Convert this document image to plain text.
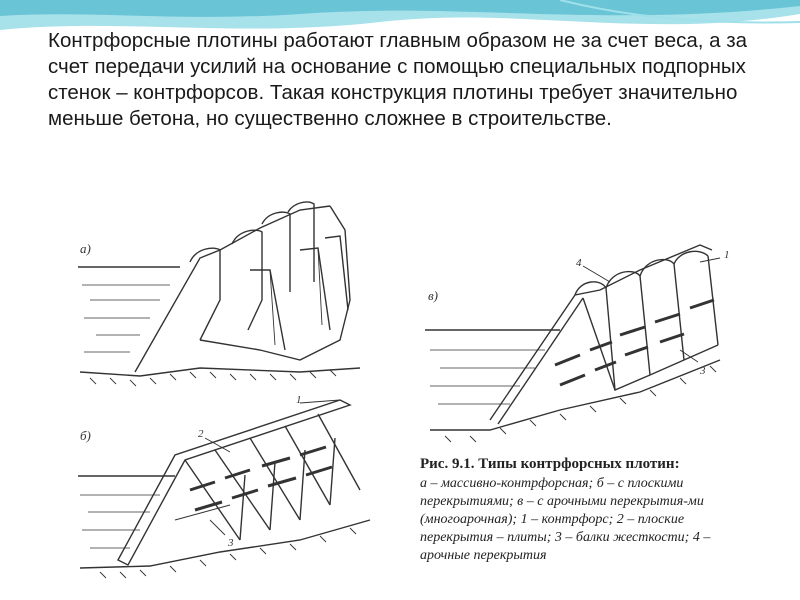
Контрфорсные плотины работают главным образом не за счет веса, а за счет передачи усилий на основание с помощью специальных подпорных стенок – контрфорсов. Такая конструкция плотины требует значительно меньше бетона, но существенно сложнее в строительстве.

а)
б)
в)
1
2
3
4
1
3
Рис. 9.1. Типы контрфорсных плотин:
а – массивно-контрфорсная; б – с плоскими перекрытиями; в – с арочными перекрытия-ми (многоарочная); 1 – контрфорс; 2 – плоские перекрытия – плиты; 3 – балки жесткости; 4 – арочные перекрытия
